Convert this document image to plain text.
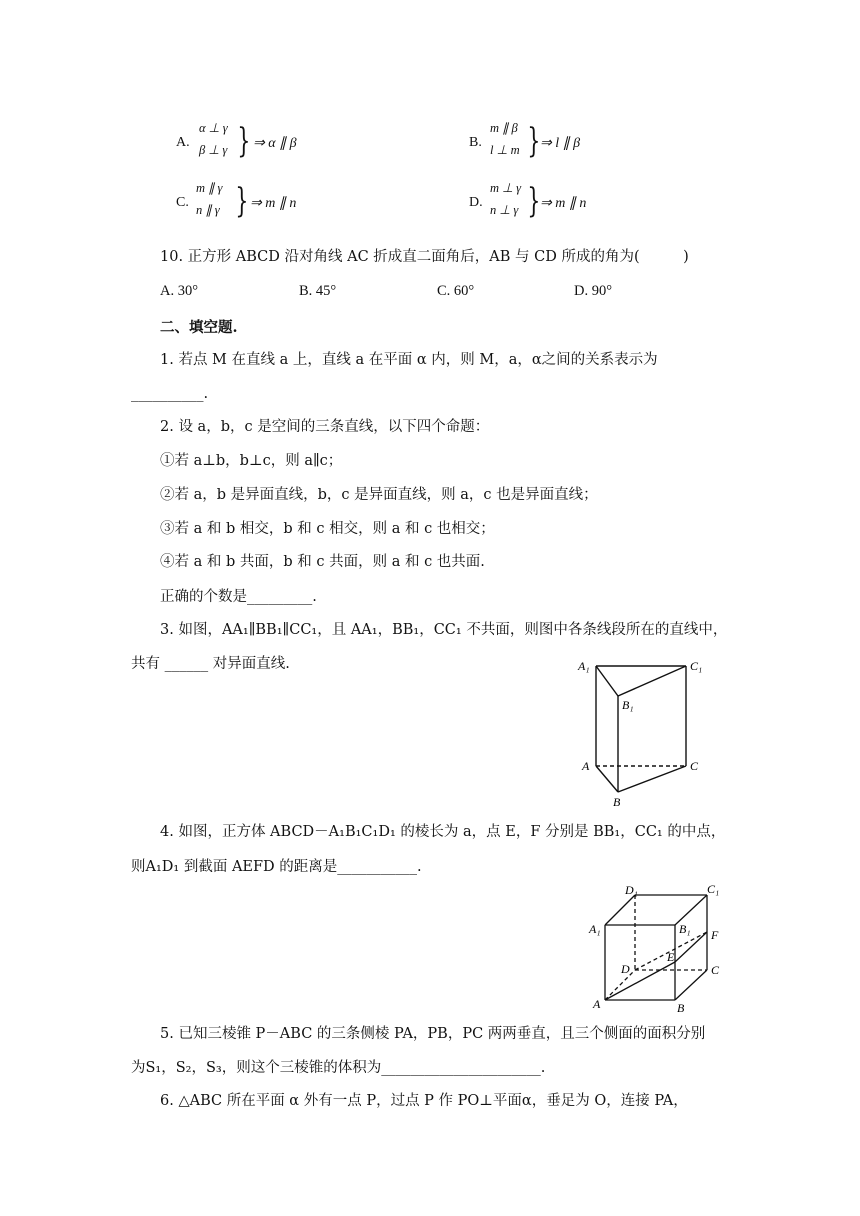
A.
α ⊥ γ
β ⊥ γ } ⇒ α ∥ β	B.
m ∥ β
l ⊥ m } ⇒ l ∥ β
C.
m ∥ γ
n ∥ γ } ⇒ m ∥ n	D.
m ⊥ γ
n ⊥ γ } ⇒ m ∥ n
10. 正方形 ABCD 沿对角线 AC 折成直二面角后，AB 与 CD 所成的角为(　　　)
A. 30°	B. 45°	C. 60°	D. 90°
二、填空题.
1. 若点 M 在直线 a 上，直线 a 在平面 α 内，则 M，a，α之间的关系表示为
__________.
2. 设 a，b，c 是空间的三条直线，以下四个命题：
①若 a⊥b，b⊥c，则 a∥c；
②若 a，b 是异面直线，b，c 是异面直线，则 a，c 也是异面直线；
③若 a 和 b 相交，b 和 c 相交，则 a 和 c 也相交；
④若 a 和 b 共面，b 和 c 共面，则 a 和 c 也共面.
正确的个数是_________.
3. 如图，AA₁∥BB₁∥CC₁，且 AA₁，BB₁，CC₁ 不共面，则图中各条线段所在的直线中，
共有 ______ 对异面直线.	A₁	C₁
B₁
A	C
B
4. 如图，正方体 ABCD－A₁B₁C₁D₁ 的棱长为 a，点 E，F 分别是 BB₁，CC₁ 的中点，
则A₁D₁ 到截面 AEFD 的距离是___________.
D₁	C₁
A₁	B₁ F
D
E
C
A	B
5. 已知三棱锥 P－ABC 的三条侧棱 PA，PB，PC 两两垂直，且三个侧面的面积分别
为S₁，S₂，S₃，则这个三棱锥的体积为______________________.
6. △ABC 所在平面 α 外有一点 P，过点 P 作 PO⊥平面α，垂足为 O，连接 PA，
